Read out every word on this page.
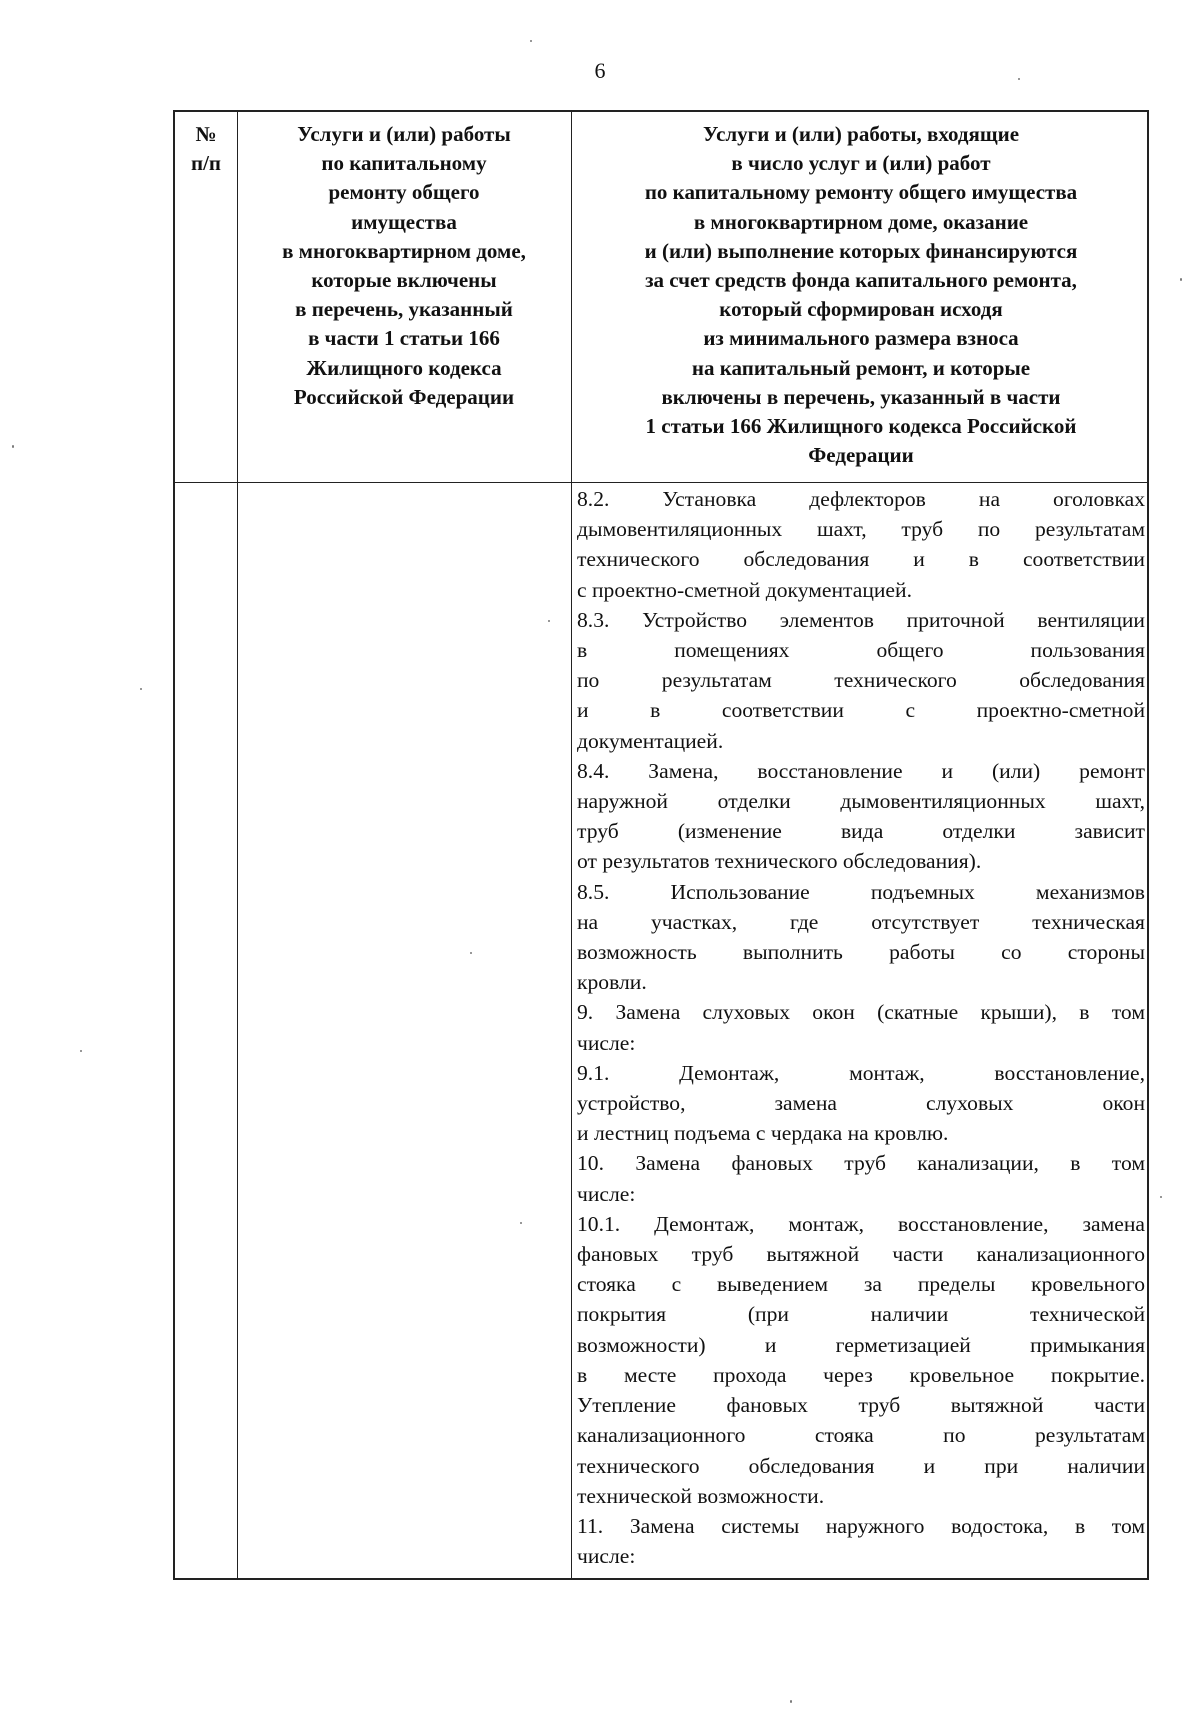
6
№
п/п
Услуги и (или) работы
по капитальному
ремонту общего
имущества
в многоквартирном доме,
которые включены
в перечень, указанный
в части 1 статьи 166
Жилищного кодекса
Российской Федерации
Услуги и (или) работы, входящие
в число услуг и (или) работ
по капитальному ремонту общего имущества
в многоквартирном доме, оказание
и (или) выполнение которых финансируются
за счет средств фонда капитального ремонта,
который сформирован исходя
из минимального размера взноса
на капитальный ремонт, и которые
включены в перечень, указанный в части
1 статьи 166 Жилищного кодекса Российской
Федерации
8.2. Установка дефлекторов на оголовках
дымовентиляционных шахт, труб по результатам
технического обследования и в соответствии
с проектно-сметной документацией.
8.3. Устройство элементов приточной вентиляции
в помещениях общего пользования
по результатам технического обследования
и в соответствии с проектно-сметной
документацией.
8.4. Замена, восстановление и (или) ремонт
наружной отделки дымовентиляционных шахт,
труб (изменение вида отделки зависит
от результатов технического обследования).
8.5. Использование подъемных механизмов
на участках, где отсутствует техническая
возможность выполнить работы со стороны
кровли.
9. Замена слуховых окон (скатные крыши), в том
числе:
9.1. Демонтаж, монтаж, восстановление,
устройство, замена слуховых окон
и лестниц подъема с чердака на кровлю.
10. Замена фановых труб канализации, в том
числе:
10.1. Демонтаж, монтаж, восстановление, замена
фановых труб вытяжной части канализационного
стояка с выведением за пределы кровельного
покрытия (при наличии технической
возможности) и герметизацией примыкания
в месте прохода через кровельное покрытие.
Утепление фановых труб вытяжной части
канализационного стояка по результатам
технического обследования и при наличии
технической возможности.
11. Замена системы наружного водостока, в том
числе:
